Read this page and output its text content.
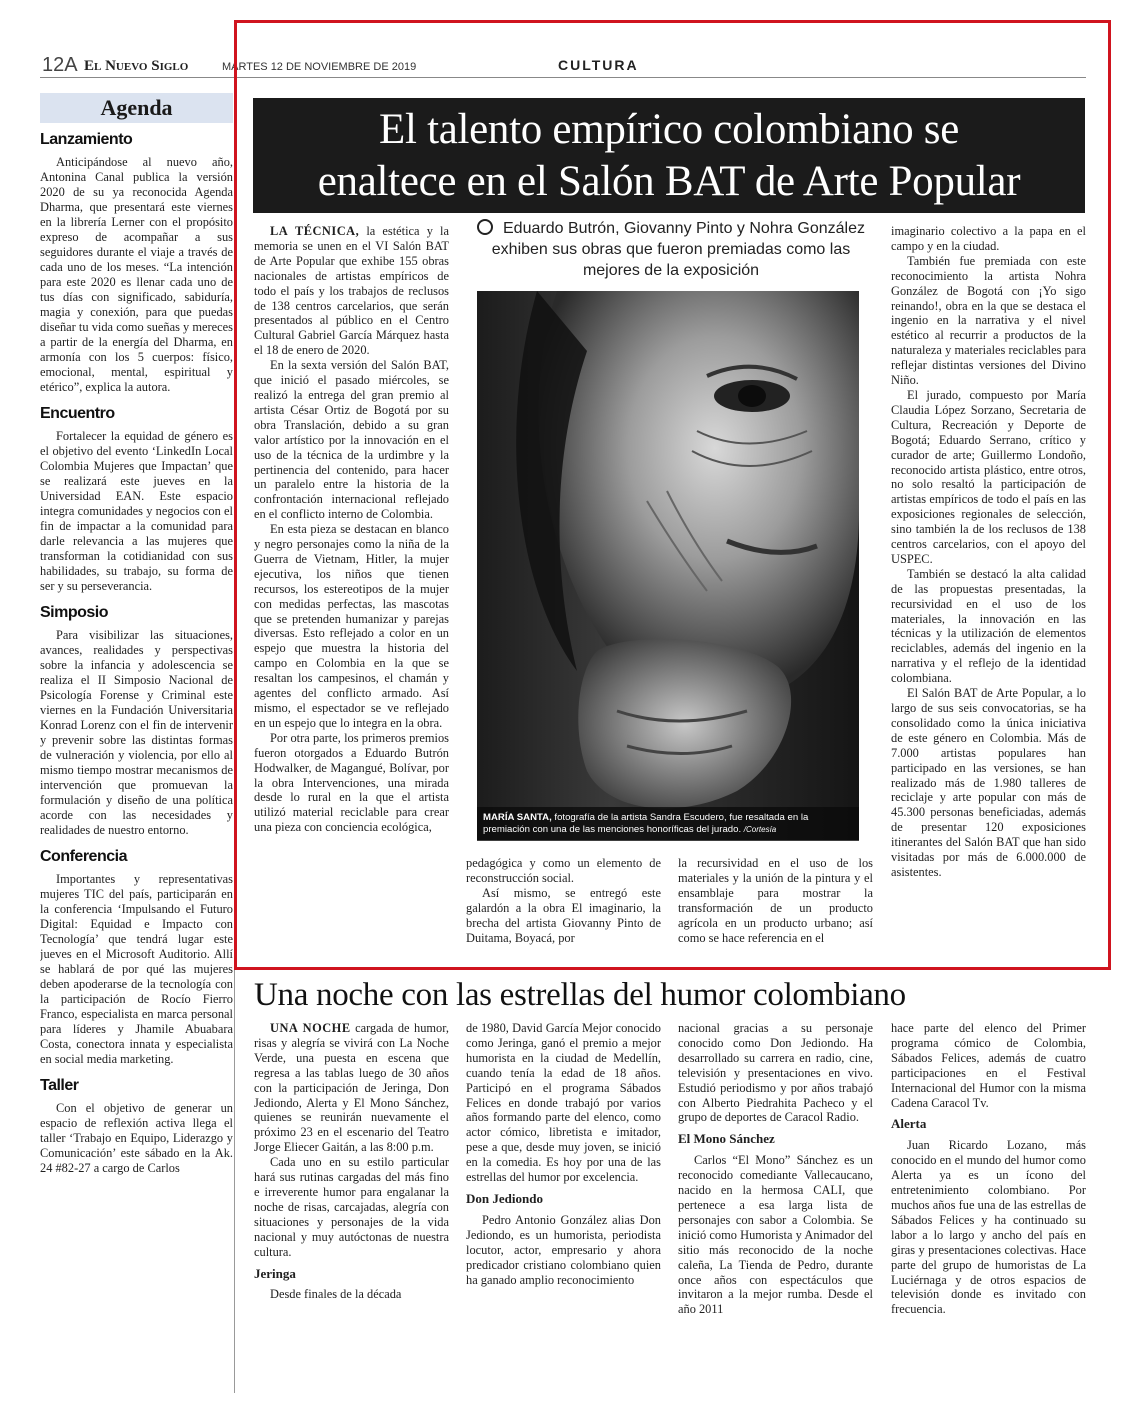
12A El Nuevo Siglo	MARTES 12 DE NOVIEMBRE DE 2019	CULTURA
Agenda
Lanzamiento

Anticipándose al nuevo año, Antonina Canal publica la versión 2020 de su ya reconocida Agenda Dharma, que presentará este viernes en la librería Lerner con el propósito expreso de acompañar a sus seguidores durante el viaje a través de cada uno de los meses. “La intención para este 2020 es llenar cada uno de tus días con significado, sabiduría, magia y conexión, para que puedas diseñar tu vida como sueñas y mereces a partir de la energía del Dharma, en armonía con los 5 cuerpos: físico, emocional, mental, espiritual y etérico”, explica la autora.

Encuentro

Fortalecer la equidad de género es el objetivo del evento ‘LinkedIn Local Colombia Mujeres que Impactan’ que se realizará este jueves en la Universidad EAN. Este espacio integra comunidades y negocios con el fin de impactar a la comunidad para darle relevancia a las mujeres que transforman la cotidianidad con sus habilidades, su trabajo, su forma de ser y su perseverancia.

Simposio

Para visibilizar las situaciones, avances, realidades y perspectivas sobre la infancia y adolescencia se realiza el II Simposio Nacional de Psicología Forense y Criminal este viernes en la Fundación Universitaria Konrad Lorenz con el fin de intervenir y prevenir sobre las distintas formas de vulneración y violencia, por ello al mismo tiempo mostrar mecanismos de intervención que promuevan la formulación y diseño de una política acorde con las necesidades y realidades de nuestro entorno.

Conferencia

Importantes y representativas mujeres TIC del país, participarán en la conferencia ‘Impulsando el Futuro Digital: Equidad e Impacto con Tecnología’ que tendrá lugar este jueves en el Microsoft Auditorio. Allí se hablará de por qué las mujeres deben apoderarse de la tecnología con la participación de Rocío Fierro Franco, especialista en marca personal para líderes y Jhamile Abuabara Costa, conectora innata y especialista en social media marketing.

Taller

Con el objetivo de generar un espacio de reflexión activa llega el taller ‘Trabajo en Equipo, Liderazgo y Comunicación’ este sábado en la Ak. 24 #82-27 a cargo de Carlos

El talento empírico colombiano se
enaltece en el Salón BAT de Arte Popular

LA TÉCNICA, la estética y la memoria se unen en el VI Salón BAT de Arte Popular que exhibe 155 obras nacionales de artistas empíricos de todo el país y los trabajos de reclusos de 138 centros carcelarios, que serán presentados al público en el Centro Cultural Gabriel García Márquez hasta el 18 de enero de 2020.

En la sexta versión del Salón BAT, que inició el pasado miércoles, se realizó la entrega del gran premio al artista César Ortiz de Bogotá por su obra Translación, debido a su gran valor artístico por la innovación en el uso de la técnica de la urdimbre y la pertinencia del contenido, para hacer un paralelo entre la historia de la confrontación internacional reflejado en el conflicto interno de Colombia.

En esta pieza se destacan en blanco y negro personajes como la niña de la Guerra de Vietnam, Hitler, la mujer ejecutiva, los niños que tienen recursos, los estereotipos de la mujer con medidas perfectas, las mascotas que se pretenden humanizar y parejas diversas. Esto reflejado a color en un espejo que muestra la historia del campo en Colombia en la que se resaltan los campesinos, el chamán y agentes del conflicto armado. Así mismo, el espectador se ve reflejado en un espejo que lo integra en la obra.

Por otra parte, los primeros premios fueron otorgados a Eduardo Butrón Hodwalker, de Magangué, Bolívar, por la obra Intervenciones, una mirada desde lo rural en la que el artista utilizó material reciclable para crear una pieza con conciencia ecológica,

Eduardo Butrón, Giovanny Pinto y Nohra González exhiben sus obras que fueron premiadas como las mejores de la exposición
MARÍA SANTA, fotografía de la artista Sandra Escudero, fue resaltada en la premiación con una de las menciones honoríficas del jurado. /Cortesía

pedagógica y como un elemento de reconstrucción social.

Así mismo, se entregó este galardón a la obra El imaginario, la brecha del artista Giovanny Pinto de Duitama, Boyacá, por

la recursividad en el uso de los materiales y la unión de la pintura y el ensamblaje para mostrar la transformación de un producto agrícola en un producto urbano; así como se hace referencia en el

imaginario colectivo a la papa en el campo y en la ciudad.

También fue premiada con este reconocimiento la artista Nohra González de Bogotá con ¡Yo sigo reinando!, obra en la que se destaca el ingenio en la narrativa y el nivel estético al recurrir a productos de la naturaleza y materiales reciclables para reflejar distintas versiones del Divino Niño.

El jurado, compuesto por María Claudia López Sorzano, Secretaria de Cultura, Recreación y Deporte de Bogotá; Eduardo Serrano, crítico y curador de arte; Guillermo Londoño, reconocido artista plástico, entre otros, no solo resaltó la participación de artistas empíricos de todo el país en las exposiciones regionales de selección, sino también la de los reclusos de 138 centros carcelarios, con el apoyo del USPEC.

También se destacó la alta calidad de las propuestas presentadas, la recursividad en el uso de los materiales, la innovación en las técnicas y la utilización de elementos reciclables, además del ingenio en la narrativa y el reflejo de la identidad colombiana.

El Salón BAT de Arte Popular, a lo largo de sus seis convocatorias, se ha consolidado como la única iniciativa de este género en Colombia. Más de 7.000 artistas populares han participado en las versiones, se han realizado más de 1.980 talleres de reciclaje y arte popular con más de 45.300 personas beneficiadas, además de presentar 120 exposiciones itinerantes del Salón BAT que han sido visitadas por más de 6.000.000 de asistentes.

Una noche con las estrellas del humor colombiano

UNA NOCHE cargada de humor, risas y alegría se vivirá con La Noche Verde, una puesta en escena que regresa a las tablas luego de 30 años con la participación de Jeringa, Don Jediondo, Alerta y El Mono Sánchez, quienes se reunirán nuevamente el próximo 23 en el escenario del Teatro Jorge Eliecer Gaitán, a las 8:00 p.m.

Cada uno en su estilo particular hará sus rutinas cargadas del más fino e irreverente humor para engalanar la noche de risas, carcajadas, alegría con situaciones y personajes de la vida nacional y muy autóctonas de nuestra cultura.

Jeringa

Desde finales de la década

de 1980, David García Mejor conocido como Jeringa, ganó el premio a mejor humorista en la ciudad de Medellín, cuando tenía la edad de 18 años. Participó en el programa Sábados Felices en donde trabajó por varios años formando parte del elenco, como actor cómico, libretista e imitador, pese a que, desde muy joven, se inició en la comedia. Es hoy por una de las estrellas del humor por excelencia.

Don Jediondo

Pedro Antonio González alias Don Jediondo, es un humorista, periodista locutor, actor, empresario y ahora predicador cristiano colombiano quien ha ganado amplio reconocimiento

nacional gracias a su personaje conocido como Don Jediondo. Ha desarrollado su carrera en radio, cine, televisión y presentaciones en vivo. Estudió periodismo y por años trabajó con Alberto Piedrahita Pacheco y el grupo de deportes de Caracol Radio.

El Mono Sánchez

Carlos “El Mono” Sánchez es un reconocido comediante Vallecaucano, nacido en la hermosa CALI, que pertenece a esa larga lista de personajes con sabor a Colombia. Se inició como Humorista y Animador del sitio más reconocido de la noche caleña, La Tienda de Pedro, durante once años con espectáculos que invitaron a la mejor rumba. Desde el año 2011

hace parte del elenco del Primer programa cómico de Colombia, Sábados Felices, además de cuatro participaciones en el Festival Internacional del Humor con la misma Cadena Caracol Tv.

Alerta

Juan Ricardo Lozano, más conocido en el mundo del humor como Alerta ya es un ícono del entretenimiento colombiano. Por muchos años fue una de las estrellas de Sábados Felices y ha continuado su labor a lo largo y ancho del país en giras y presentaciones colectivas. Hace parte del grupo de humoristas de La Luciérnaga y de otros espacios de televisión donde es invitado con frecuencia.
